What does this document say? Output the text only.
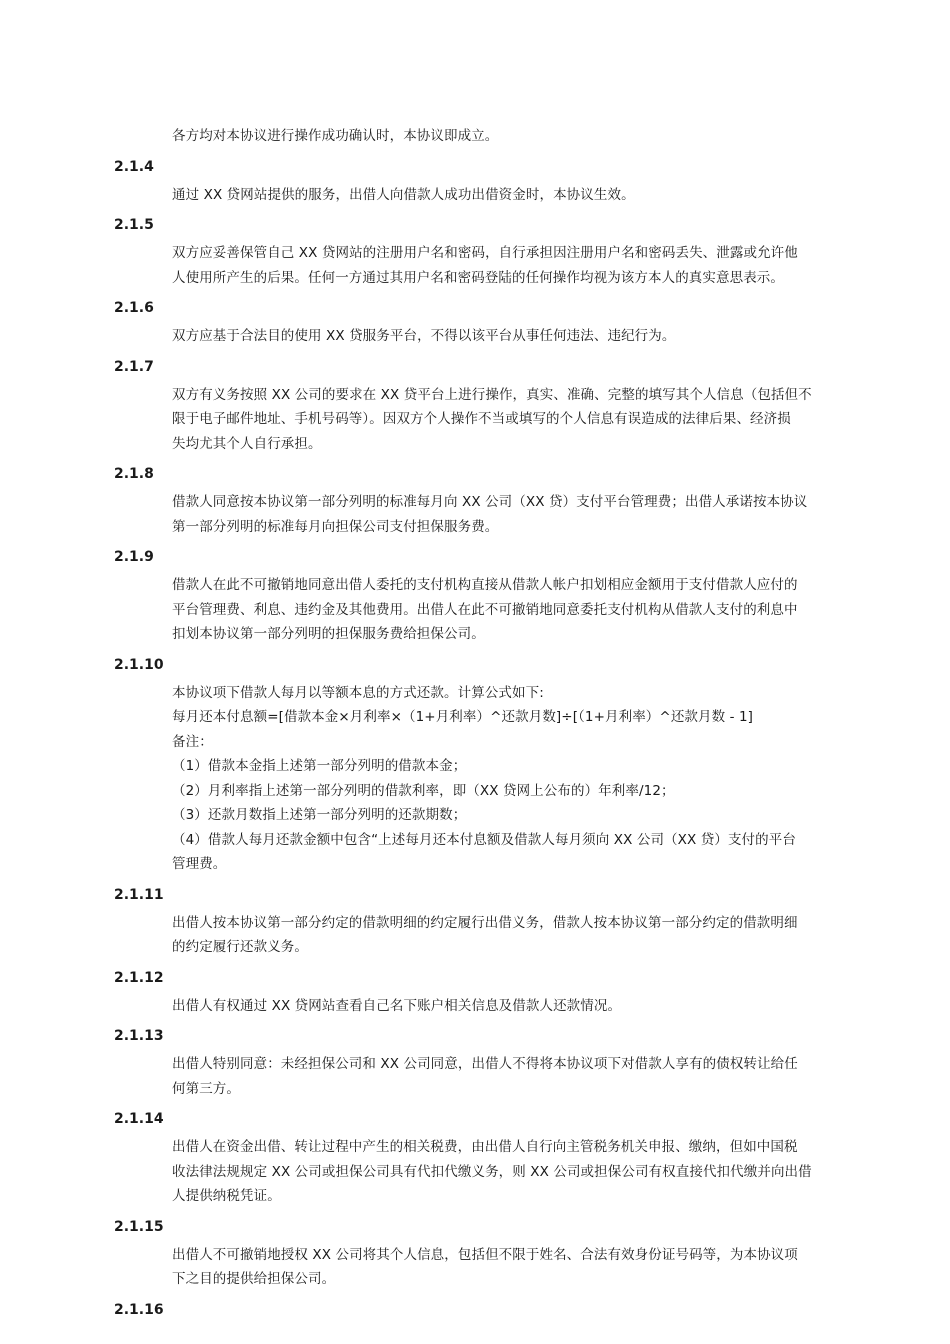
各方均对本协议进行操作成功确认时，本协议即成立。
2.1.4
通过 XX 贷网站提供的服务，出借人向借款人成功出借资金时，本协议生效。
2.1.5
双方应妥善保管自己 XX 贷网站的注册用户名和密码，自行承担因注册用户名和密码丢失、泄露或允许他
人使用所产生的后果。任何一方通过其用户名和密码登陆的任何操作均视为该方本人的真实意思表示。
2.1.6
双方应基于合法目的使用 XX 贷服务平台，不得以该平台从事任何违法、违纪行为。
2.1.7
双方有义务按照 XX 公司的要求在 XX 贷平台上进行操作，真实、准确、完整的填写其个人信息（包括但不
限于电子邮件地址、手机号码等）。因双方个人操作不当或填写的个人信息有误造成的法律后果、经济损
失均尤其个人自行承担。
2.1.8
借款人同意按本协议第一部分列明的标准每月向 XX 公司（XX 贷）支付平台管理费；出借人承诺按本协议
第一部分列明的标准每月向担保公司支付担保服务费。
2.1.9
借款人在此不可撤销地同意出借人委托的支付机构直接从借款人帐户扣划相应金额用于支付借款人应付的
平台管理费、利息、违约金及其他费用。出借人在此不可撤销地同意委托支付机构从借款人支付的利息中
扣划本协议第一部分列明的担保服务费给担保公司。
2.1.10
本协议项下借款人每月以等额本息的方式还款。计算公式如下:
每月还本付息额=[借款本金×月利率×（1+月利率）^还款月数]÷[（1+月利率）^还款月数 - 1]
备注：
（1）借款本金指上述第一部分列明的借款本金；
（2）月利率指上述第一部分列明的借款利率，即（XX 贷网上公布的）年利率/12；
（3）还款月数指上述第一部分列明的还款期数；
（4）借款人每月还款金额中包含“上述每月还本付息额及借款人每月须向 XX 公司（XX 贷）支付的平台
管理费。
2.1.11
出借人按本协议第一部分约定的借款明细的约定履行出借义务，借款人按本协议第一部分约定的借款明细
的约定履行还款义务。
2.1.12
出借人有权通过 XX 贷网站查看自己名下账户相关信息及借款人还款情况。
2.1.13
出借人特别同意：未经担保公司和 XX 公司同意，出借人不得将本协议项下对借款人享有的债权转让给任
何第三方。
2.1.14
出借人在资金出借、转让过程中产生的相关税费，由出借人自行向主管税务机关申报、缴纳，但如中国税
收法律法规规定 XX 公司或担保公司具有代扣代缴义务，则 XX 公司或担保公司有权直接代扣代缴并向出借
人提供纳税凭证。
2.1.15
出借人不可撤销地授权 XX 公司将其个人信息，包括但不限于姓名、合法有效身份证号码等，为本协议项
下之目的提供给担保公司。
2.1.16
